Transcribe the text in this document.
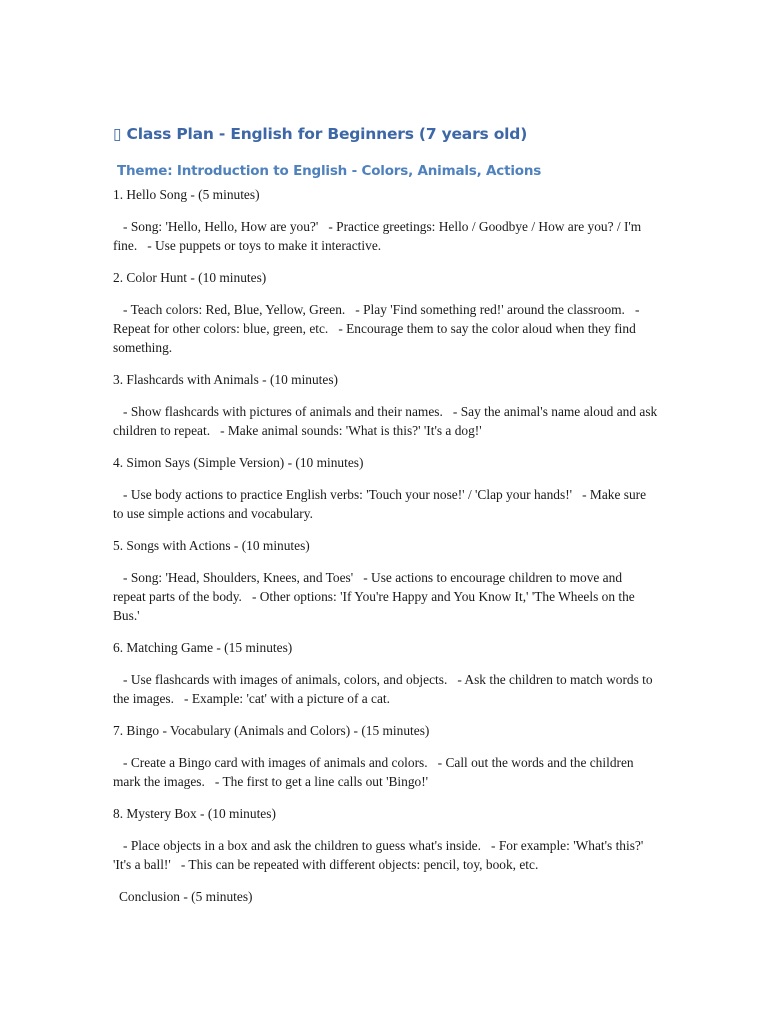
▯ Class Plan - English for Beginners (7 years old)
Theme: Introduction to English - Colors, Animals, Actions

1. Hello Song - (5 minutes)

- Song: 'Hello, Hello, How are you?'   - Practice greetings: Hello / Goodbye / How are you? / I'm fine.   - Use puppets or toys to make it interactive.

2. Color Hunt - (10 minutes)

- Teach colors: Red, Blue, Yellow, Green.   - Play 'Find something red!' around the classroom.   - Repeat for other colors: blue, green, etc.   - Encourage them to say the color aloud when they find something.

3. Flashcards with Animals - (10 minutes)

- Show flashcards with pictures of animals and their names.   - Say the animal's name aloud and ask children to repeat.   - Make animal sounds: 'What is this?' 'It's a dog!'

4. Simon Says (Simple Version) - (10 minutes)

- Use body actions to practice English verbs: 'Touch your nose!' / 'Clap your hands!'   - Make sure to use simple actions and vocabulary.

5. Songs with Actions - (10 minutes)

- Song: 'Head, Shoulders, Knees, and Toes'   - Use actions to encourage children to move and repeat parts of the body.   - Other options: 'If You're Happy and You Know It,' 'The Wheels on the Bus.'

6. Matching Game - (15 minutes)

- Use flashcards with images of animals, colors, and objects.   - Ask the children to match words to the images.   - Example: 'cat' with a picture of a cat.

7. Bingo - Vocabulary (Animals and Colors) - (15 minutes)

- Create a Bingo card with images of animals and colors.   - Call out the words and the children mark the images.   - The first to get a line calls out 'Bingo!'

8. Mystery Box - (10 minutes)

- Place objects in a box and ask the children to guess what's inside.   - For example: 'What's this?' 'It's a ball!'   - This can be repeated with different objects: pencil, toy, book, etc.

Conclusion - (5 minutes)
